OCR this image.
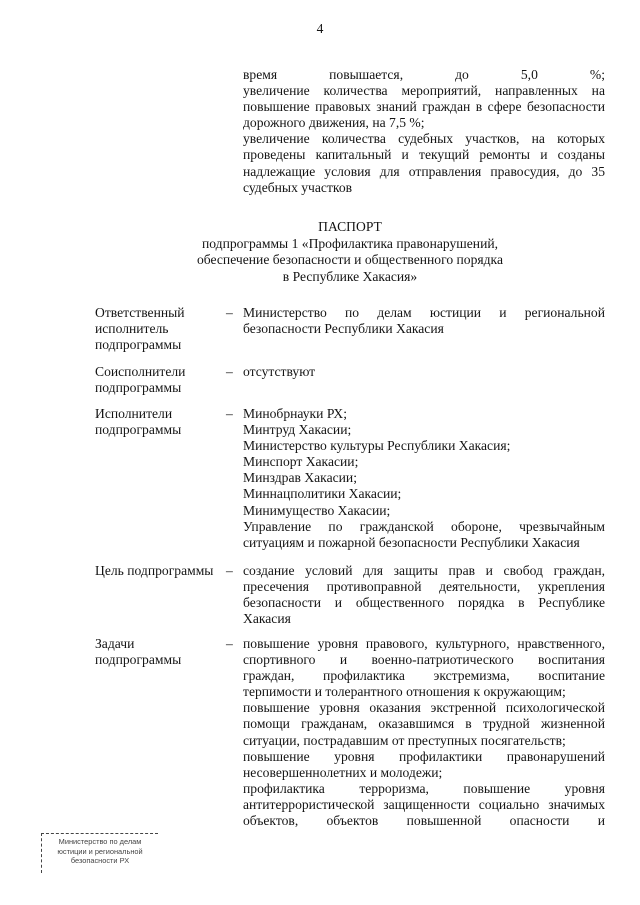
4

время повышается, до 5,0 %;

увеличение количества мероприятий, направленных на

повышение правовых знаний граждан в сфере безопасности

дорожного движения, на 7,5 %;

увеличение количества судебных участков, на которых

проведены капитальный и текущий ремонты и созданы

надлежащие условия для отправления правосудия, до 35

судебных участков

ПАСПОРТ

подпрограммы 1 «Профилактика правонарушений,

обеспечение безопасности и общественного порядка

в Республике Хакасия»

Ответственный исполнитель подпрограммы
– Министерство по делам юстиции и региональной

безопасности Республики Хакасия

Соисполнители подпрограммы
– отсутствуют

Исполнители подпрограммы
– Минобрнауки РХ;

Минтруд Хакасии;

Министерство культуры Республики Хакасия;

Минспорт Хакасии;

Минздрав Хакасии;

Миннацполитики Хакасии;

Минимущество Хакасии;

Управление по гражданской обороне, чрезвычайным

ситуациям и пожарной безопасности Республики Хакасия

Цель подпрограммы – создание условий для защиты прав и свобод граждан,

пресечения противоправной деятельности, укрепления

безопасности и общественного порядка в Республике

Хакасия

Задачи подпрограммы
– повышение уровня правового, культурного, нравственного,

спортивного и военно-патриотического воспитания

граждан, профилактика экстремизма, воспитание

терпимости и толерантного отношения к окружающим;

повышение уровня оказания экстренной психологической

помощи гражданам, оказавшимся в трудной жизненной

ситуации, пострадавшим от преступных посягательств;

повышение уровня профилактики правонарушений

несовершеннолетних и молодежи;

профилактика терроризма, повышение уровня

антитеррористической защищенности социально значимых

объектов, объектов повышенной опасности и

Министерство по делам
юстиции и региональной
безопасности РХ
